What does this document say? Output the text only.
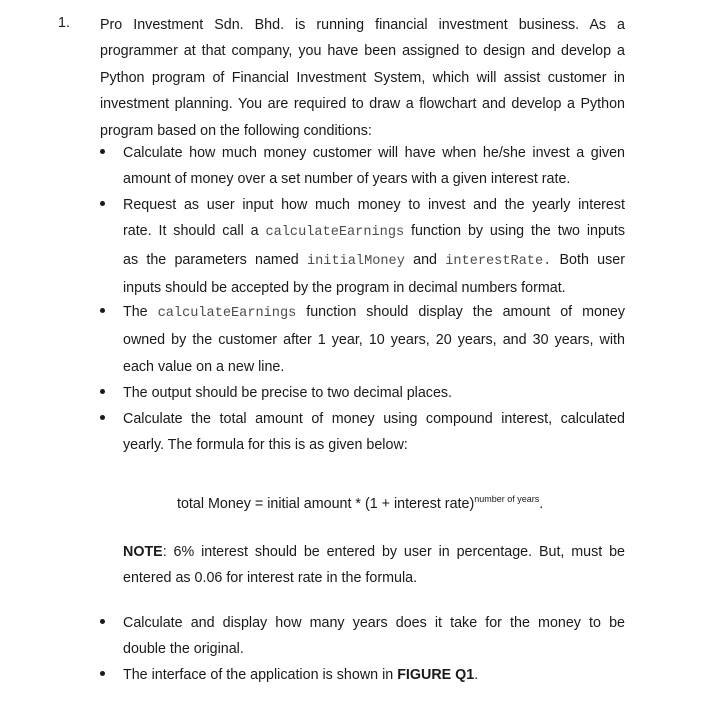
1. Pro Investment Sdn. Bhd. is running financial investment business. As a
programmer at that company, you have been assigned to design and develop a
Python program of Financial Investment System, which will assist customer in
investment planning. You are required to draw a flowchart and develop a Python
program based on the following conditions:
Calculate how much money customer will have when he/she invest a given
amount of money over a set number of years with a given interest rate.
Request as user input how much money to invest and the yearly interest
rate. It should call a calculateEarnings function by using the two inputs
as the parameters named initialMoney and interestRate. Both user
inputs should be accepted by the program in decimal numbers format.
The calculateEarnings function should display the amount of money
owned by the customer after 1 year, 10 years, 20 years, and 30 years, with
each value on a new line.
The output should be precise to two decimal places.
Calculate the total amount of money using compound interest, calculated
yearly. The formula for this is as given below:
total Money = initial amount * (1 + interest rate)$^{number of years}$.
NOTE: 6% interest should be entered by user in percentage. But, must be
entered as 0.06 for interest rate in the formula.
Calculate and display how many years does it take for the money to be
double the original.
The interface of the application is shown in FIGURE Q1.
